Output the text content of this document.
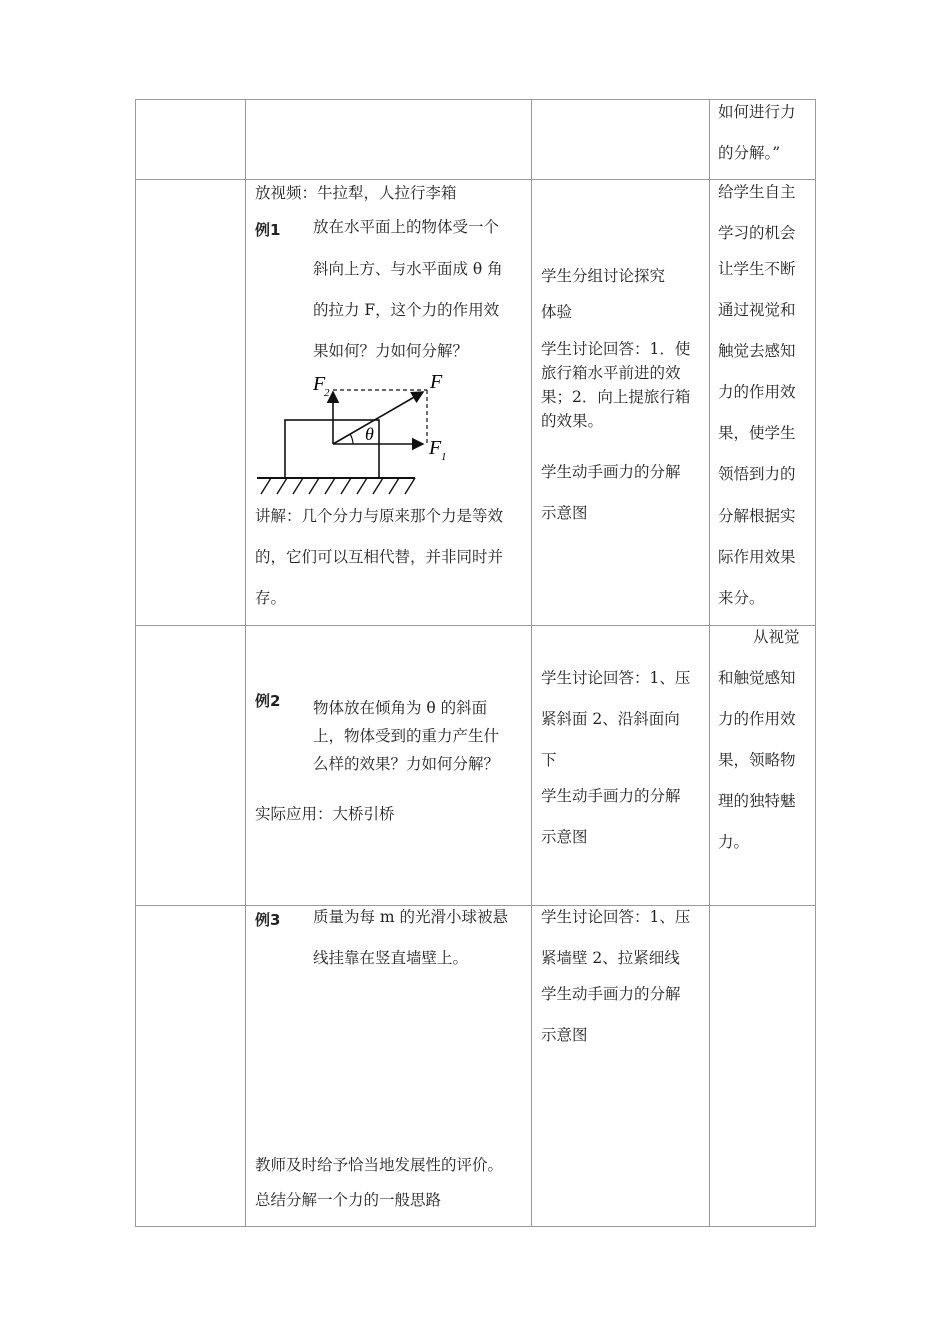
如何进行力
的分解。”
放视频：牛拉犁，人拉行李箱
例1 放在水平面上的物体受一个
斜向上方、与水平面成 θ 角
的拉力 F，这个力的作用效
果如何？力如何分解？
θ
F
F 1
F
2
讲解：几个分力与原来那个力是等效
的，它们可以互相代替，并非同时并
存。
学生分组讨论探究
体验
学生讨论回答：1．使
旅行箱水平前进的效
果；2．向上提旅行箱
的效果。
学生动手画力的分解
示意图
给学生自主
学习的机会
让学生不断
通过视觉和
触觉去感知
力的作用效
果，使学生
领悟到力的
分解根据实
际作用效果
来分。
例2 物体放在倾角为 θ 的斜面
上，物体受到的重力产生什
么样的效果？力如何分解？
实际应用：大桥引桥
学生讨论回答：1、压
紧斜面 2、沿斜面向
下
学生动手画力的分解
示意图
从视觉
和触觉感知
力的作用效
果，领略物
理的独特魅
力。
例3 质量为每 m 的光滑小球被悬
线挂靠在竖直墙壁上。
教师及时给予恰当地发展性的评价。
总结分解一个力的一般思路
学生讨论回答：1、压
紧墙壁 2、拉紧细线
学生动手画力的分解
示意图
